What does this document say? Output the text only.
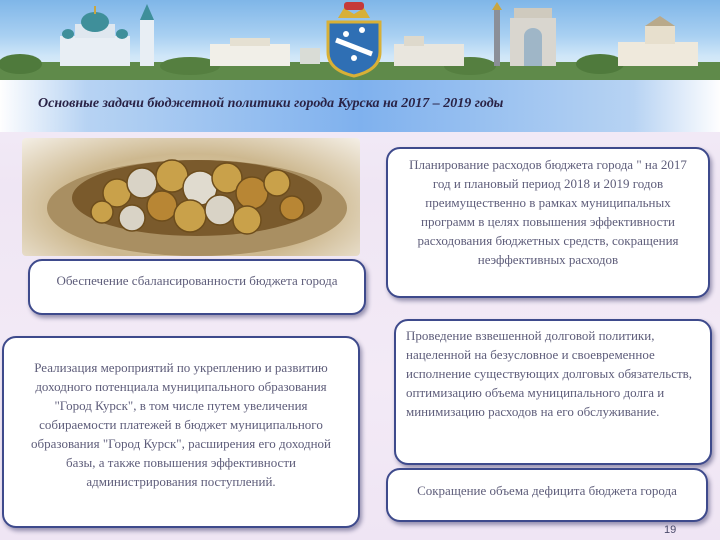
Основные задачи бюджетной политики города Курска на 2017 – 2019 годы
Обеспечение сбалансированности бюджета города
Планирование расходов бюджета города " на 2017 год и плановый период 2018 и 2019 годов преимущественно в рамках муниципальных программ в целях повышения эффективности расходования бюджетных средств, сокращения неэффективных расходов
Реализация мероприятий по укреплению и развитию доходного потенциала муниципального образования "Город Курск", в том числе путем увеличения собираемости платежей в бюджет муниципального образования "Город Курск", расширения его доходной базы, а также повышения эффективности администрирования поступлений.
Проведение взвешенной долговой политики, нацеленной на безусловное и своевременное исполнение существующих долговых обязательств, оптимизацию объема муниципального долга и минимизацию расходов на его обслуживание.
Сокращение объема дефицита бюджета города
19
